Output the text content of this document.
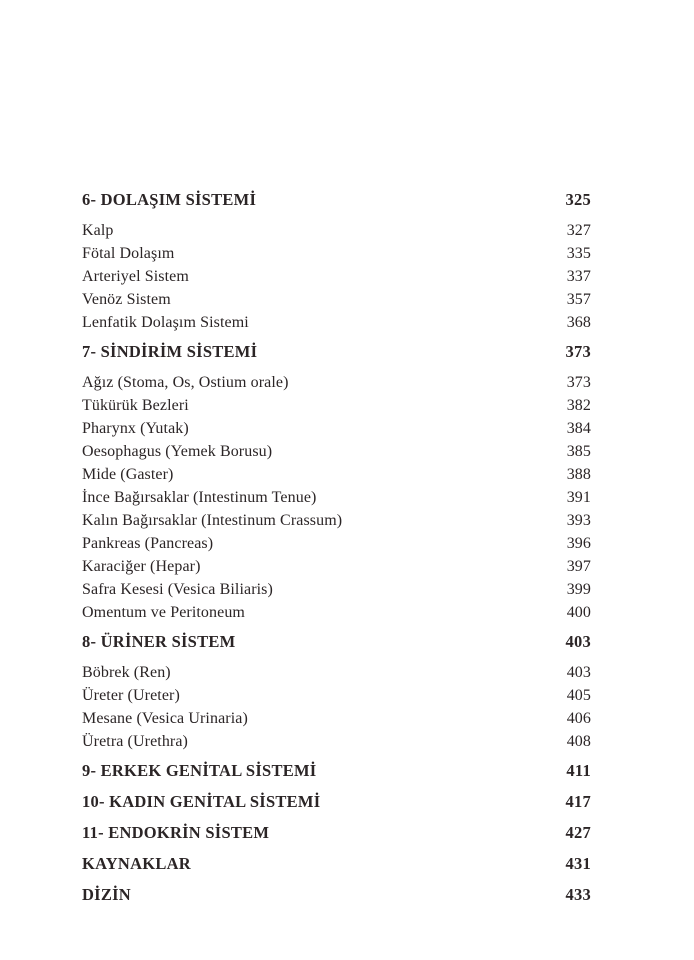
6- DOLAŞIM SİSTEMİ	325
Kalp	327
Fötal Dolaşım	335
Arteriyel Sistem	337
Venöz Sistem	357
Lenfatik Dolaşım Sistemi	368
7- SİNDİRİM SİSTEMİ	373
Ağız (Stoma, Os, Ostium orale)	373
Tükürük Bezleri	382
Pharynx (Yutak)	384
Oesophagus (Yemek Borusu)	385
Mide (Gaster)	388
İnce Bağırsaklar (Intestinum Tenue)	391
Kalın Bağırsaklar (Intestinum Crassum)	393
Pankreas (Pancreas)	396
Karaciğer (Hepar)	397
Safra Kesesi (Vesica Biliaris)	399
Omentum ve Peritoneum	400
8- ÜRİNER SİSTEM	403
Böbrek (Ren)	403
Üreter (Ureter)	405
Mesane (Vesica Urinaria)	406
Üretra (Urethra)	408
9- ERKEK GENİTAL SİSTEMİ	411
10- KADIN GENİTAL SİSTEMİ	417
11- ENDOKRİN SİSTEM	427
KAYNAKLAR	431
DİZİN	433
